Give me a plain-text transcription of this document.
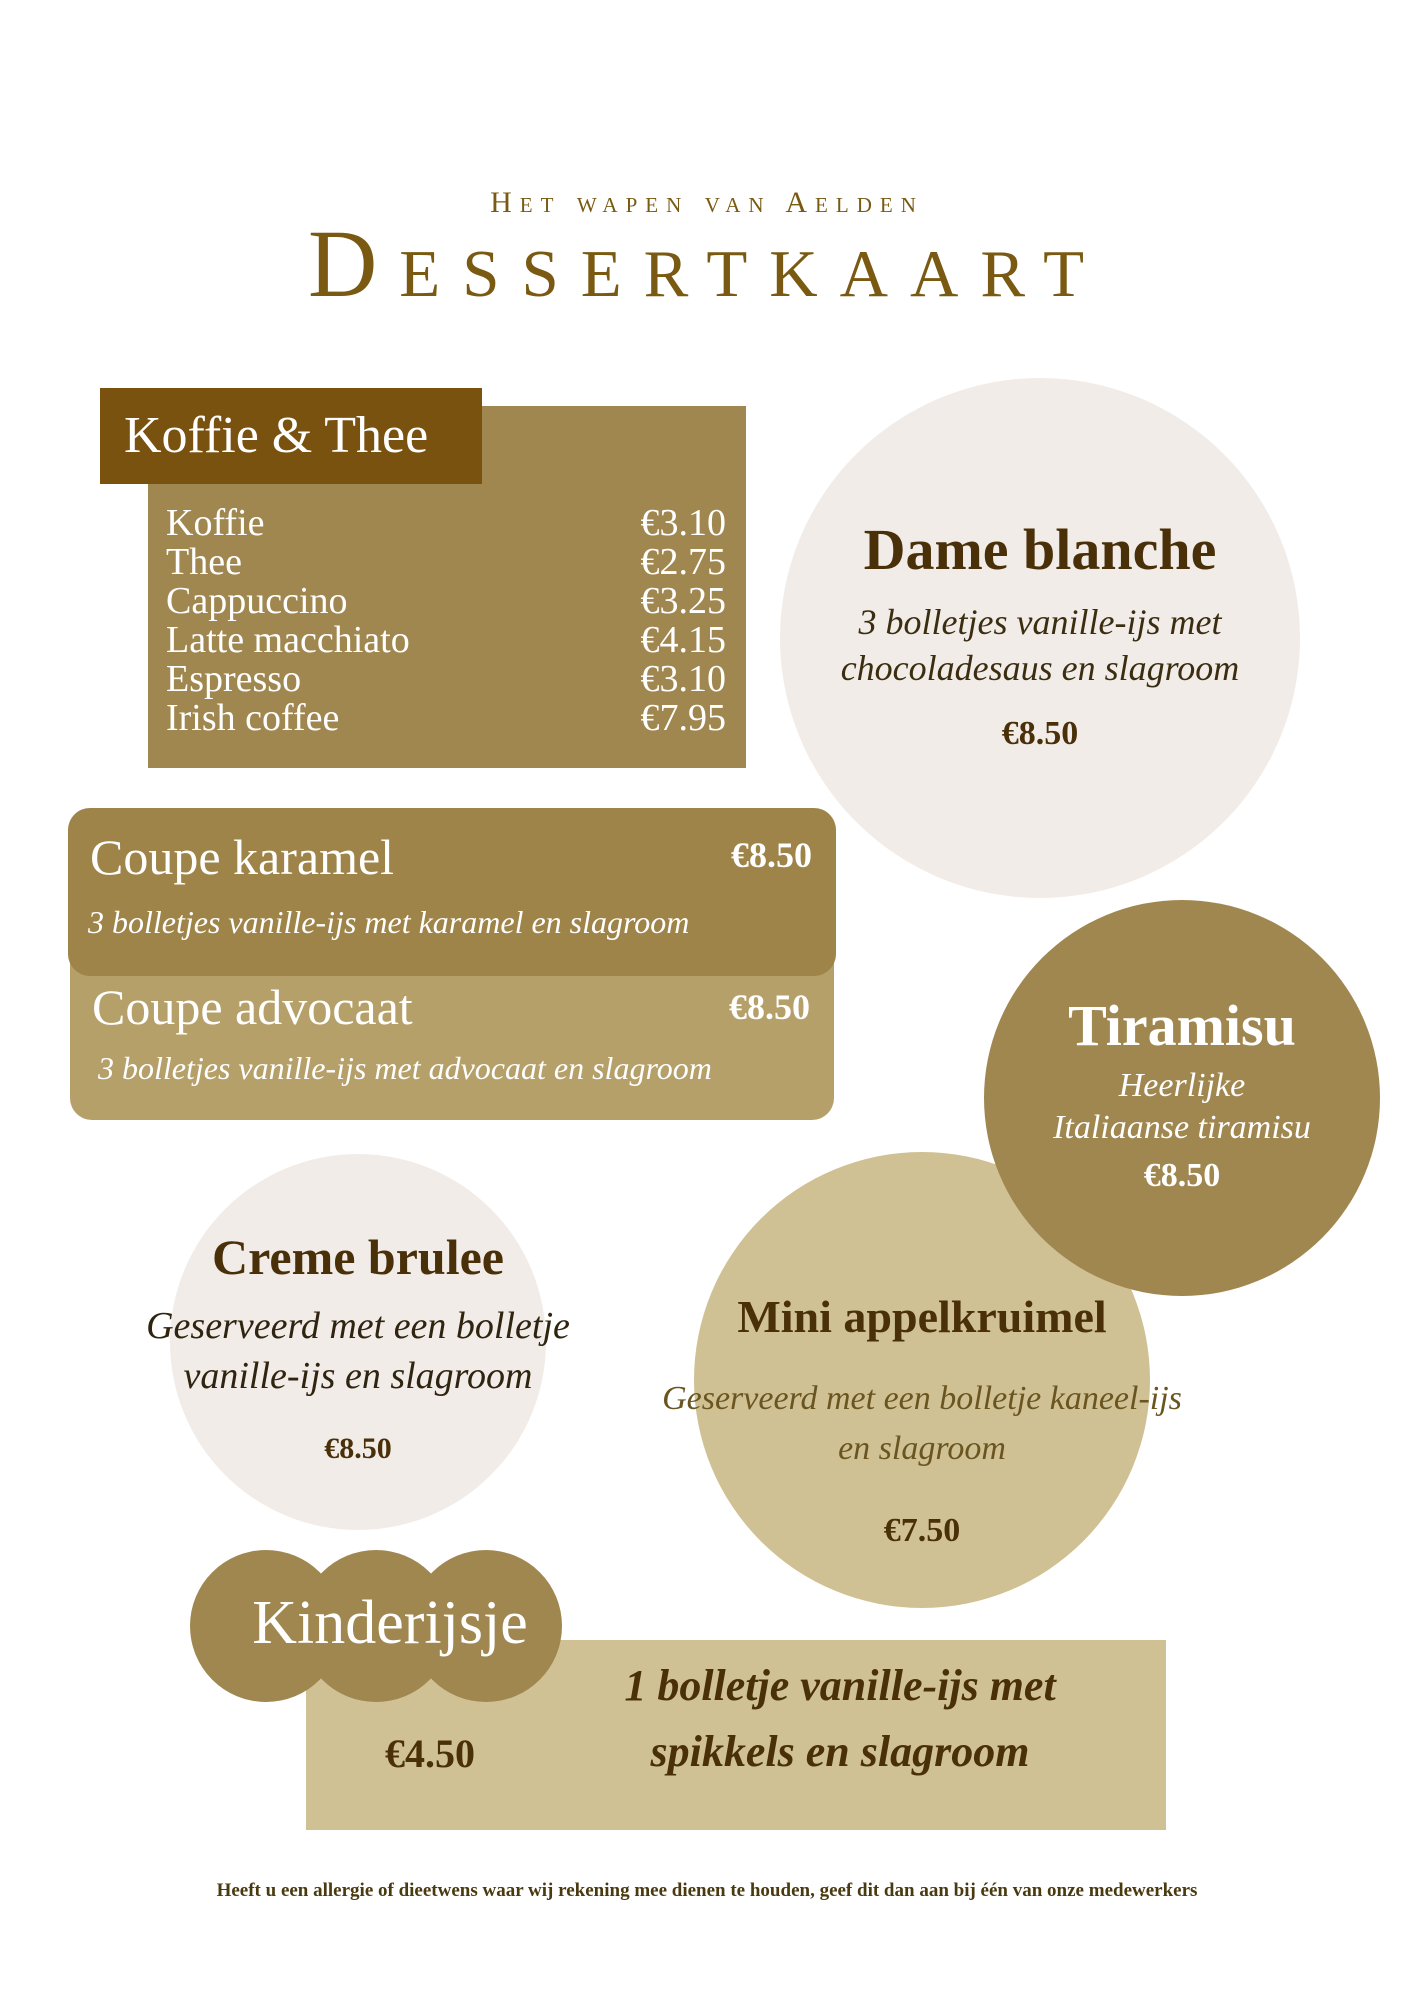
Het wapen van Aelden
Dessertkaart
Koffie & Thee
Koffie	€3.10
Thee	€2.75
Cappuccino	€3.25
Latte macchiato	€4.15
Espresso	€3.10
Irish coffee	€7.95
Dame blanche
3 bolletjes vanille-ijs met
chocoladesaus en slagroom
€8.50
Coupe advocaat	€8.50
3 bolletjes vanille-ijs met advocaat en slagroom
Coupe karamel	€8.50
3 bolletjes vanille-ijs met karamel en slagroom
Mini appelkruimel
Geserveerd met een bolletje kaneel-ijs
en slagroom
€7.50
Tiramisu
Heerlijke
Italiaanse tiramisu
€8.50
Creme brulee
Geserveerd met een bolletje
vanille-ijs en slagroom
€8.50
Kinderijsje
€4.50
1 bolletje vanille-ijs met
spikkels en slagroom
Heeft u een allergie of dieetwens waar wij rekening mee dienen te houden, geef dit dan aan bij één van onze medewerkers
